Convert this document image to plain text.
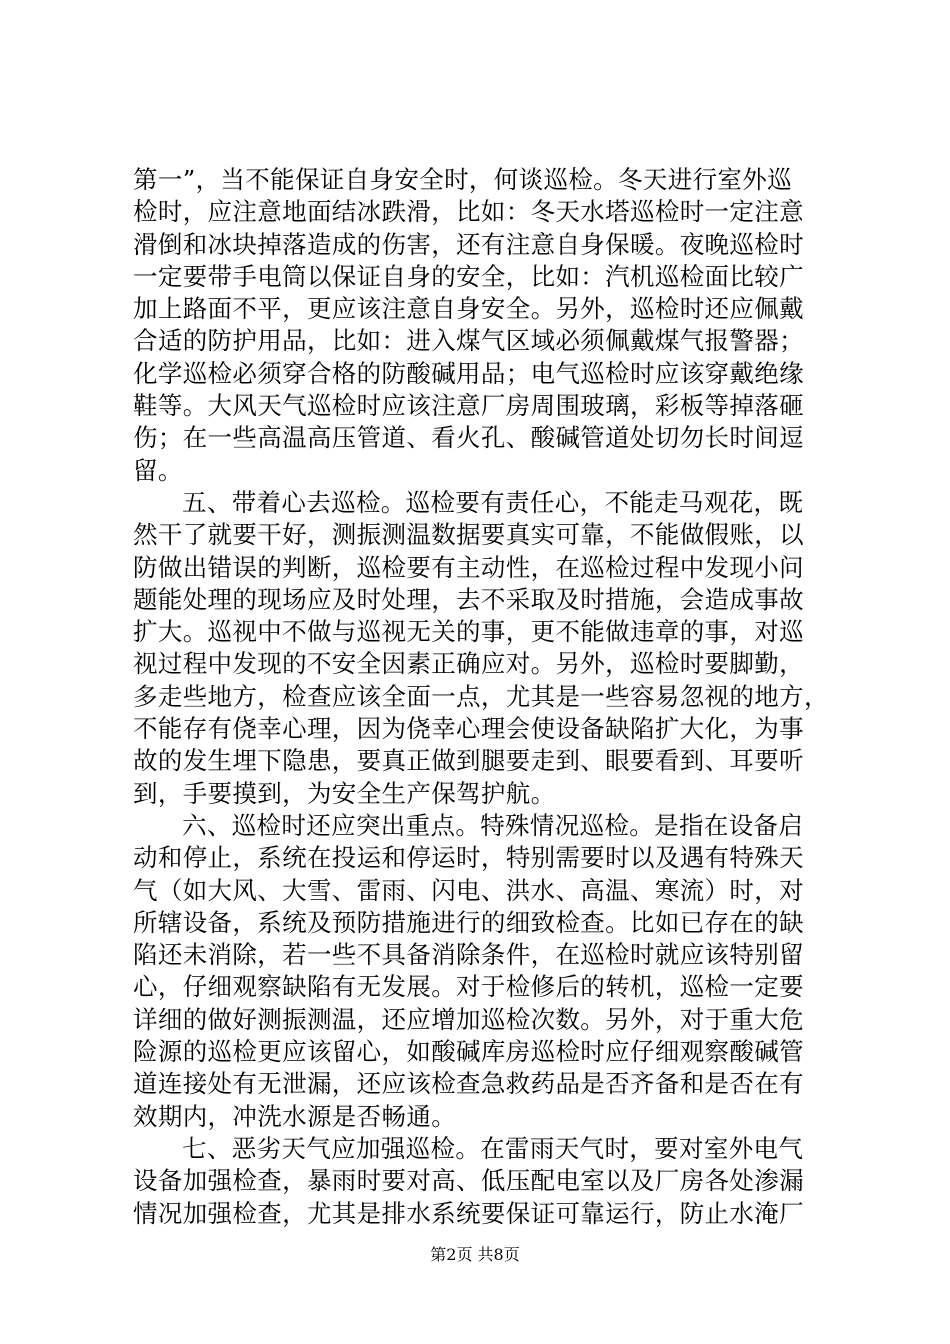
第一”，当不能保证自身安全时，何谈巡检。冬天进行室外巡
检时，应注意地面结冰跌滑，比如：冬天水塔巡检时一定注意
滑倒和冰块掉落造成的伤害，还有注意自身保暖。夜晚巡检时
一定要带手电筒以保证自身的安全，比如：汽机巡检面比较广
加上路面不平，更应该注意自身安全。另外，巡检时还应佩戴
合适的防护用品，比如：进入煤气区域必须佩戴煤气报警器；
化学巡检必须穿合格的防酸碱用品；电气巡检时应该穿戴绝缘
鞋等。大风天气巡检时应该注意厂房周围玻璃，彩板等掉落砸
伤；在一些高温高压管道、看火孔、酸碱管道处切勿长时间逗
留。
五、带着心去巡检。巡检要有责任心，不能走马观花，既
然干了就要干好，测振测温数据要真实可靠，不能做假账，以
防做出错误的判断，巡检要有主动性，在巡检过程中发现小问
题能处理的现场应及时处理，去不采取及时措施，会造成事故
扩大。巡视中不做与巡视无关的事，更不能做违章的事，对巡
视过程中发现的不安全因素正确应对。另外，巡检时要脚勤，
多走些地方，检查应该全面一点，尤其是一些容易忽视的地方，
不能存有侥幸心理，因为侥幸心理会使设备缺陷扩大化，为事
故的发生埋下隐患，要真正做到腿要走到、眼要看到、耳要听
到，手要摸到，为安全生产保驾护航。
六、巡检时还应突出重点。特殊情况巡检。是指在设备启
动和停止，系统在投运和停运时，特别需要时以及遇有特殊天
气（如大风、大雪、雷雨、闪电、洪水、高温、寒流）时，对
所辖设备，系统及预防措施进行的细致检查。比如已存在的缺
陷还未消除，若一些不具备消除条件，在巡检时就应该特别留
心，仔细观察缺陷有无发展。对于检修后的转机，巡检一定要
详细的做好测振测温，还应增加巡检次数。另外，对于重大危
险源的巡检更应该留心，如酸碱库房巡检时应仔细观察酸碱管
道连接处有无泄漏，还应该检查急救药品是否齐备和是否在有
效期内，冲洗水源是否畅通。
七、恶劣天气应加强巡检。在雷雨天气时，要对室外电气
设备加强检查，暴雨时要对高、低压配电室以及厂房各处渗漏
情况加强检查，尤其是排水系统要保证可靠运行，防止水淹厂
第2页 共8页
